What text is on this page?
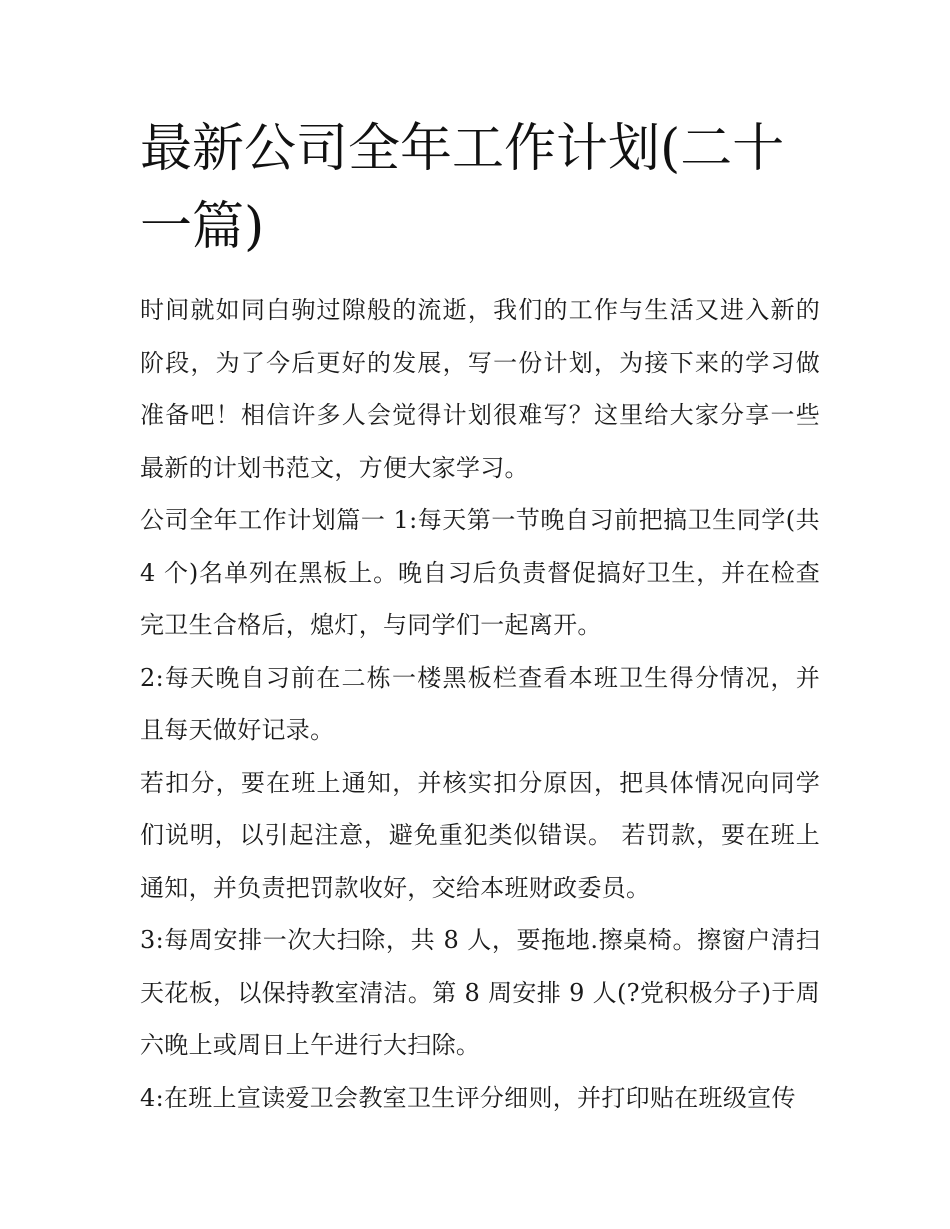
最新公司全年工作计划(二十一篇)

时间就如同白驹过隙般的流逝，我们的工作与生活又进入新的阶段，为了今后更好的发展，写一份计划，为接下来的学习做准备吧！相信许多人会觉得计划很难写？这里给大家分享一些最新的计划书范文，方便大家学习。

公司全年工作计划篇一 1:每天第一节晚自习前把搞卫生同学(共 4 个)名单列在黑板上。晚自习后负责督促搞好卫生，并在检查完卫生合格后，熄灯，与同学们一起离开。

2:每天晚自习前在二栋一楼黑板栏查看本班卫生得分情况，并且每天做好记录。

若扣分，要在班上通知，并核实扣分原因，把具体情况向同学们说明，以引起注意，避免重犯类似错误。 若罚款，要在班上通知，并负责把罚款收好，交给本班财政委员。

3:每周安排一次大扫除，共 8 人，要拖地.擦桌椅。擦窗户清扫天花板，以保持教室清洁。第 8 周安排 9 人(?党积极分子)于周六晚上或周日上午进行大扫除。

4:在班上宣读爱卫会教室卫生评分细则，并打印贴在班级宣传
